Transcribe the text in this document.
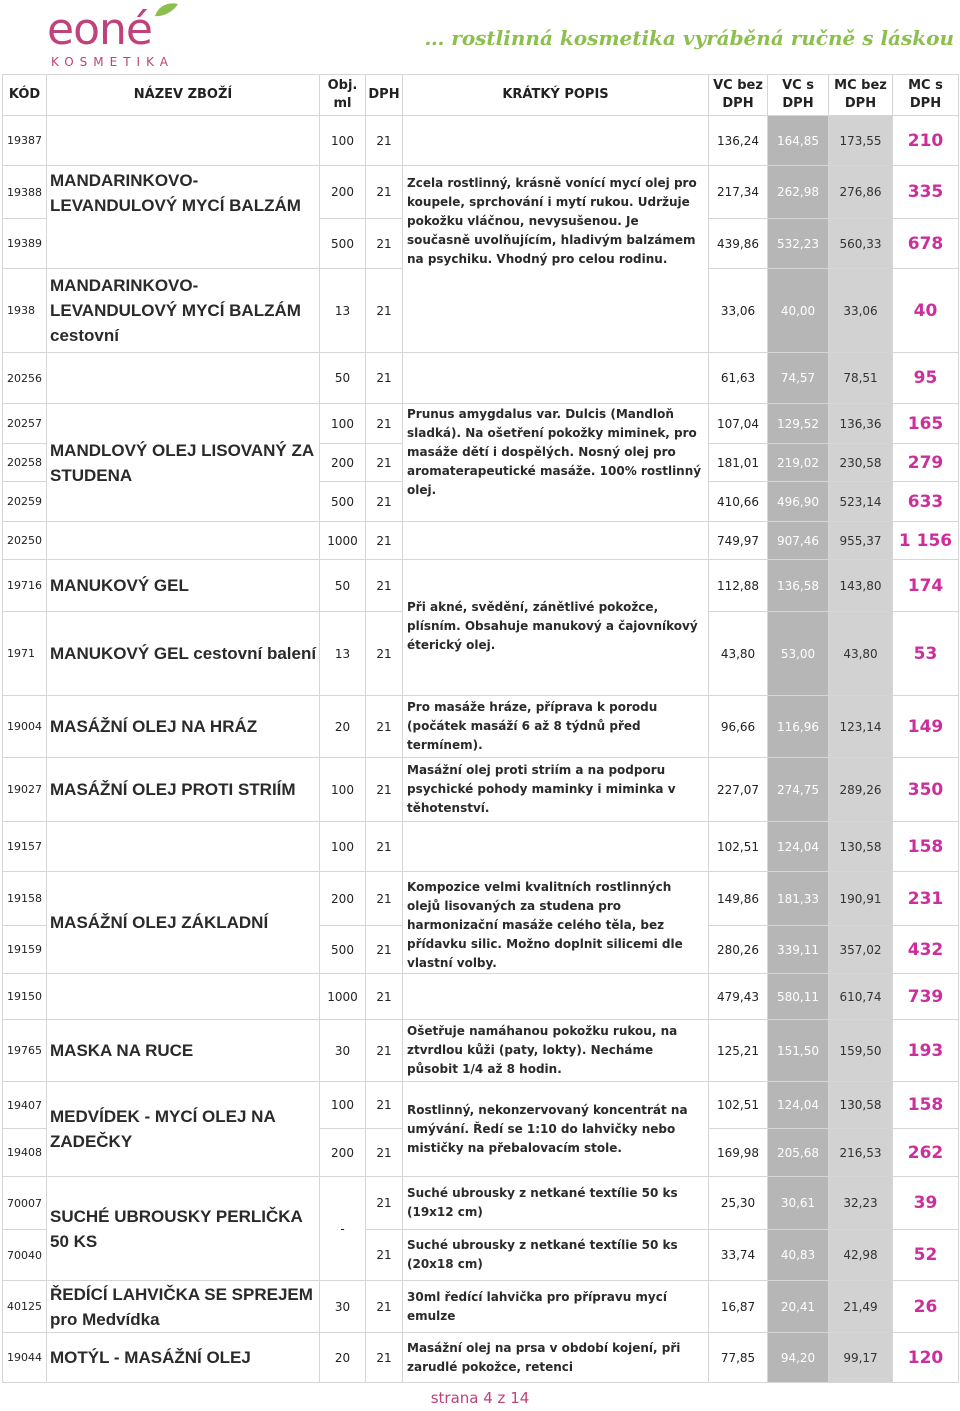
eoné
KOSMETIKA
… rostlinná kosmetika vyráběná ručně s láskou
KÓD	NÁZEV ZBOŽÍ	Obj. ml	DPH	KRÁTKÝ POPIS	VC bez DPH	VC s DPH	MC bez DPH	MC s DPH
19387		100	21		136,24	164,85	173,55	210
19388	MANDARINKOVO-LEVANDULOVÝ MYCÍ BALZÁM	200	21	Zcela rostlinný, krásně vonící mycí olej pro koupele, sprchování i mytí rukou. Udržuje pokožku vláčnou, nevysušenou. Je současně uvolňujícím, hladivým balzámem na psychiku. Vhodný pro celou rodinu.	217,34	262,98	276,86	335
19389		500	21		439,86	532,23	560,33	678
1938	MANDARINKOVO-LEVANDULOVÝ MYCÍ BALZÁM cestovní	13	21		33,06	40,00	33,06	40
20256		50	21		61,63	74,57	78,51	95
20257	MANDLOVÝ OLEJ LISOVANÝ ZA STUDENA	100	21	Prunus amygdalus var. Dulcis (Mandloň sladká). Na ošetření pokožky miminek, pro masáže dětí i dospělých. Nosný olej pro aromaterapeutické masáže. 100% rostlinný olej.	107,04	129,52	136,36	165
20258		200	21		181,01	219,02	230,58	279
20259		500	21		410,66	496,90	523,14	633
20250		1000	21		749,97	907,46	955,37	1 156
19716	MANUKOVÝ GEL	50	21	Při akné, svědění, zánětlivé pokožce, plísním. Obsahuje manukový a čajovníkový éterický olej.	112,88	136,58	143,80	174
1971	MANUKOVÝ GEL cestovní balení	13	21		43,80	53,00	43,80	53
19004	MASÁŽNÍ OLEJ NA HRÁZ	20	21	Pro masáže hráze, příprava k porodu (počátek masáží 6 až 8 týdnů před termínem).	96,66	116,96	123,14	149
19027	MASÁŽNÍ OLEJ PROTI STRIÍM	100	21	Masážní olej proti striím a na podporu psychické pohody maminky i miminka v těhotenství.	227,07	274,75	289,26	350
19157		100	21		102,51	124,04	130,58	158
19158	MASÁŽNÍ OLEJ ZÁKLADNÍ	200	21	Kompozice velmi kvalitních rostlinných olejů lisovaných za studena pro harmonizační masáže celého těla, bez přídavku silic. Možno doplnit silicemi dle vlastní volby.	149,86	181,33	190,91	231
19159		500	21		280,26	339,11	357,02	432
19150		1000	21		479,43	580,11	610,74	739
19765	MASKA NA RUCE	30	21	Ošetřuje namáhanou pokožku rukou, na ztvrdlou kůži (paty, lokty). Necháme působit 1/4 až 8 hodin.	125,21	151,50	159,50	193
19407	MEDVÍDEK - MYCÍ OLEJ NA ZADEČKY	100	21	Rostlinný, nekonzervovaný koncentrát na umývání. Ředí se 1:10 do lahvičky nebo mističky na přebalovacím stole.	102,51	124,04	130,58	158
19408		200	21		169,98	205,68	216,53	262
70007	SUCHÉ UBROUSKY PERLIČKA 50 KS	-	21	Suché ubrousky z netkané textílie 50 ks (19x12 cm)	25,30	30,61	32,23	39
70040			21	Suché ubrousky z netkané textílie 50 ks (20x18 cm)	33,74	40,83	42,98	52
40125	ŘEDÍCÍ LAHVIČKA SE SPREJEM pro Medvídka	30	21	30ml ředící lahvička pro přípravu mycí emulze	16,87	20,41	21,49	26
19044	MOTÝL - MASÁŽNÍ OLEJ	20	21	Masážní olej na prsa v období kojení, při zarudlé pokožce, retenci	77,85	94,20	99,17	120
strana 4 z 14
